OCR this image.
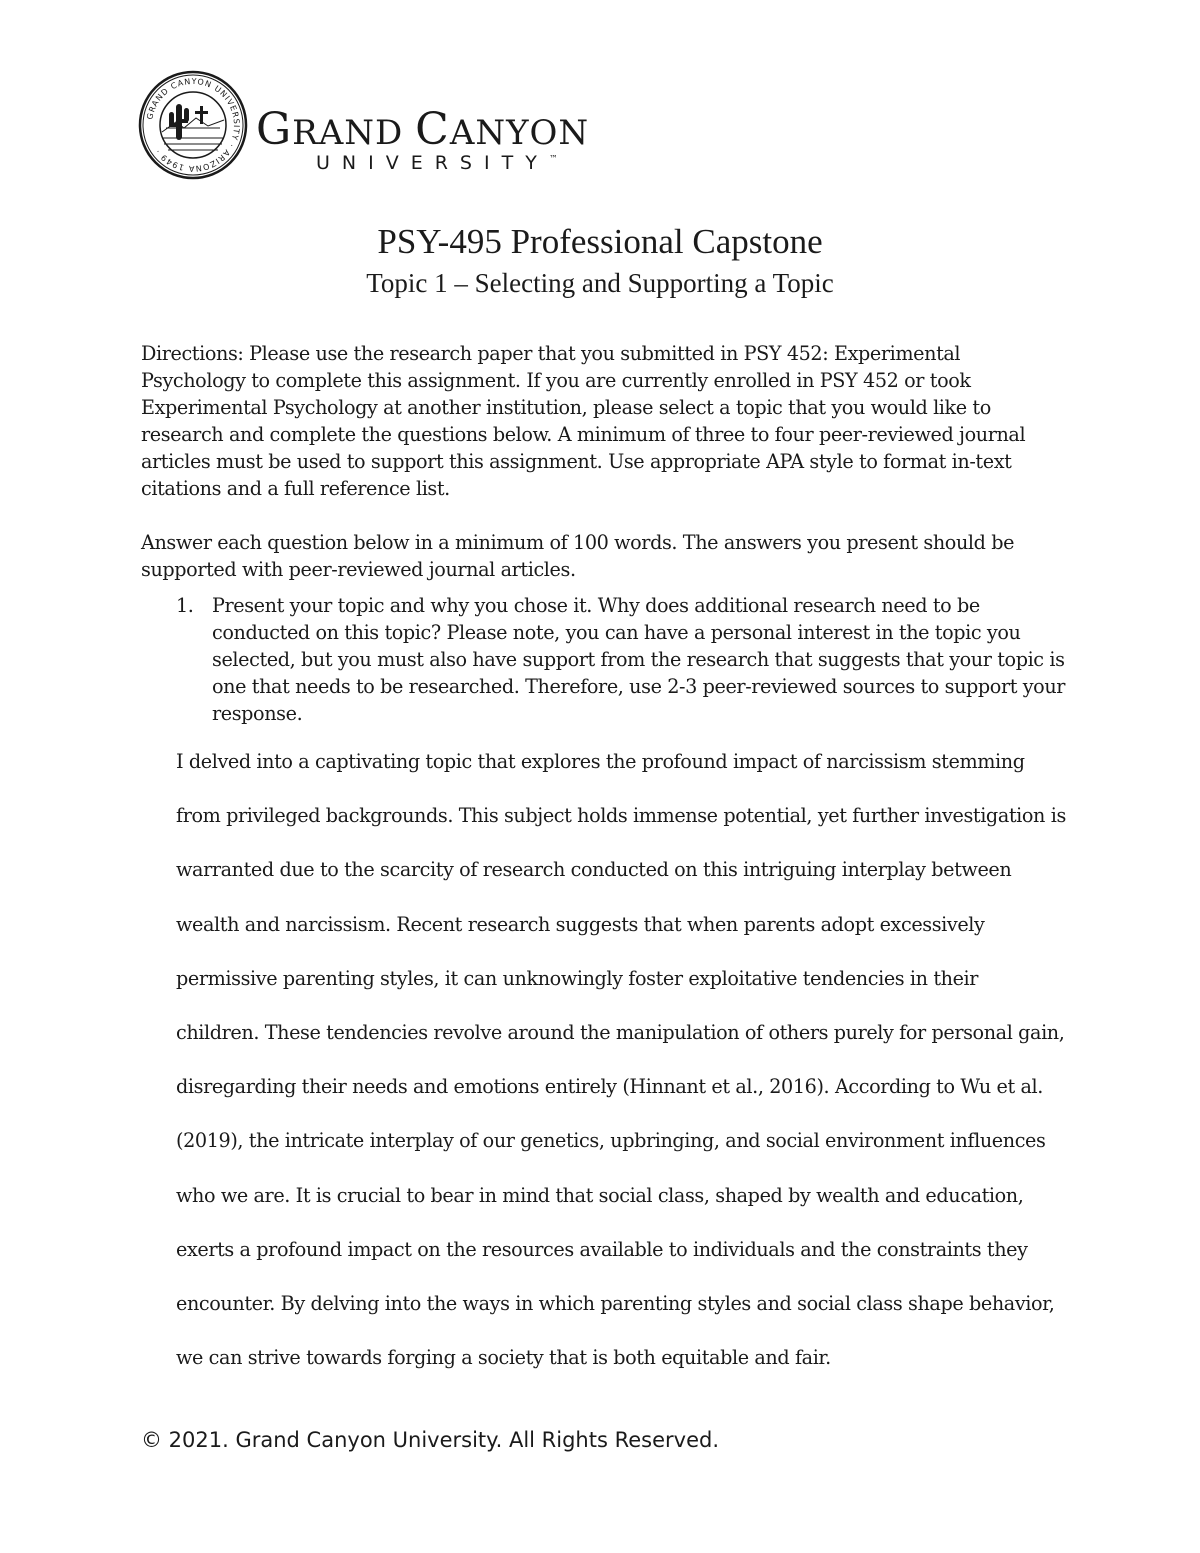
GRAND CANYON UNIVERSITY · ARIZONA 1949 ·	GRAND CANYON
UNIVERSITY™
PSY-495 Professional Capstone
Topic 1 – Selecting and Supporting a Topic
Directions: Please use the research paper that you submitted in PSY 452: Experimental Psychology to complete this assignment. If you are currently enrolled in PSY 452 or took Experimental Psychology at another institution, please select a topic that you would like to research and complete the questions below. A minimum of three to four peer-reviewed journal articles must be used to support this assignment. Use appropriate APA style to format in-text citations and a full reference list.
Answer each question below in a minimum of 100 words. The answers you present should be supported with peer-reviewed journal articles.
1. Present your topic and why you chose it. Why does additional research need to be conducted on this topic? Please note, you can have a personal interest in the topic you selected, but you must also have support from the research that suggests that your topic is one that needs to be researched. Therefore, use 2-3 peer-reviewed sources to support your response.
I delved into a captivating topic that explores the profound impact of narcissism stemming from privileged backgrounds. This subject holds immense potential, yet further investigation is warranted due to the scarcity of research conducted on this intriguing interplay between wealth and narcissism. Recent research suggests that when parents adopt excessively permissive parenting styles, it can unknowingly foster exploitative tendencies in their children. These tendencies revolve around the manipulation of others purely for personal gain, disregarding their needs and emotions entirely (Hinnant et al., 2016). According to Wu et al. (2019), the intricate interplay of our genetics, upbringing, and social environment influences who we are. It is crucial to bear in mind that social class, shaped by wealth and education, exerts a profound impact on the resources available to individuals and the constraints they encounter. By delving into the ways in which parenting styles and social class shape behavior, we can strive towards forging a society that is both equitable and fair.
© 2021. Grand Canyon University. All Rights Reserved.
